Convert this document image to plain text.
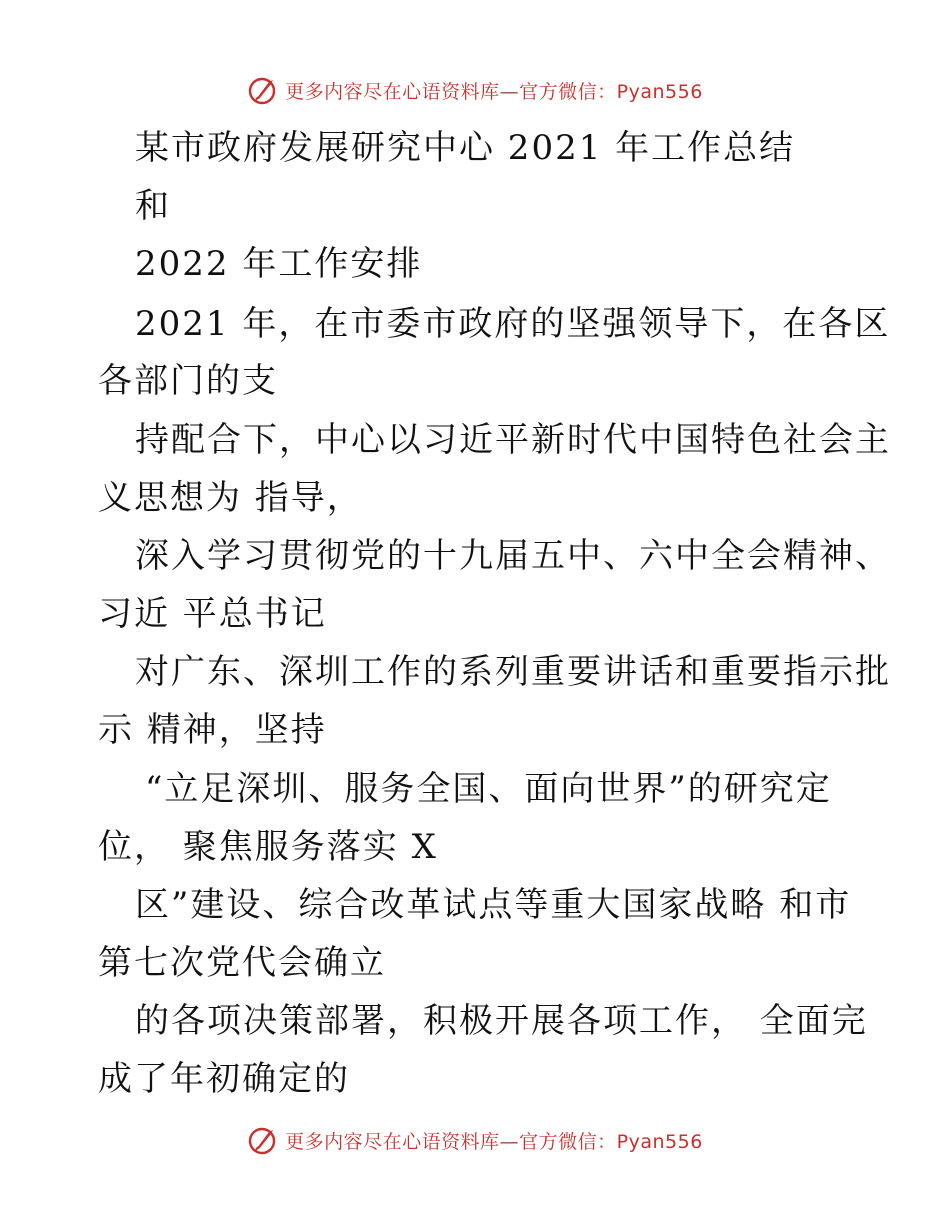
更多内容尽在心语资料库—官方微信：Pyan556
某市政府发展研究中心 2021 年工作总结
和
2022 年工作安排
2021 年，在市委市政府的坚强领导下，在各区
各部门的支
持配合下，中心以习近平新时代中国特色社会主
义思想为 指导，
深入学习贯彻党的十九届五中、六中全会精神、
习近 平总书记
对广东、深圳工作的系列重要讲话和重要指示批
示 精神，坚持
“立足深圳、服务全国、面向世界”的研究定
位， 聚焦服务落实 X
区”建设、综合改革试点等重大国家战略 和市
第七次党代会确立
的各项决策部署，积极开展各项工作， 全面完
成了年初确定的
更多内容尽在心语资料库—官方微信：Pyan556
